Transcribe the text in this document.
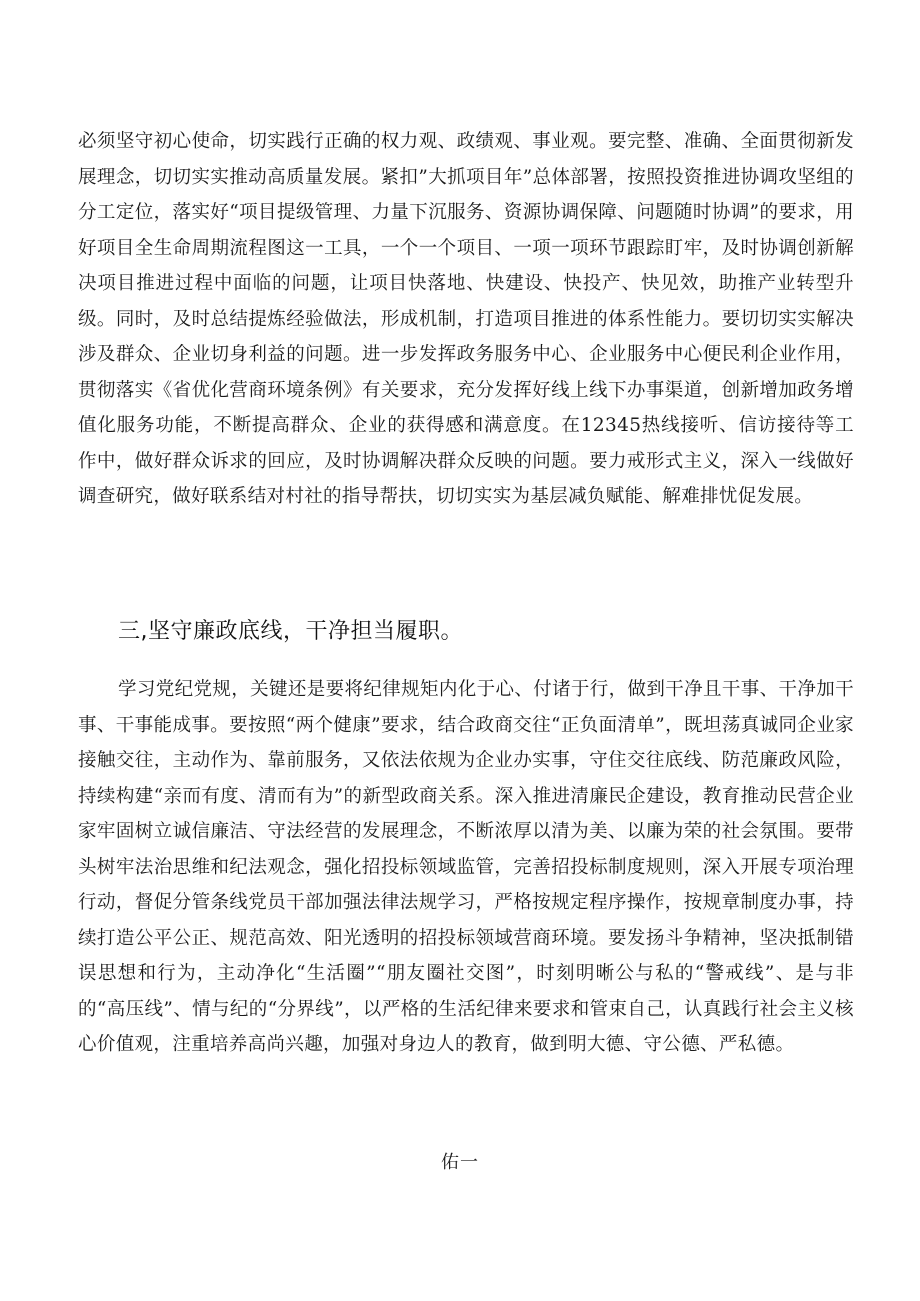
必须坚守初心使命，切实践行正确的权力观、政绩观、事业观。要完整、准确、全面贯彻新发展理念，切切实实推动高质量发展。紧扣”大抓项目年”总体部署，按照投资推进协调攻坚组的分工定位，落实好“项目提级管理、力量下沉服务、资源协调保障、问题随时协调”的要求，用好项目全生命周期流程图这一工具，一个一个项目、一项一项环节跟踪盯牢，及时协调创新解决项目推进过程中面临的问题，让项目快落地、快建设、快投产、快见效，助推产业转型升级。同时，及时总结提炼经验做法，形成机制，打造项目推进的体系性能力。要切切实实解决涉及群众、企业切身利益的问题。进一步发挥政务服务中心、企业服务中心便民利企业作用，贯彻落实《省优化营商环境条例》有关要求，充分发挥好线上线下办事渠道，创新增加政务增值化服务功能，不断提高群众、企业的获得感和满意度。在12345热线接听、信访接待等工作中，做好群众诉求的回应，及时协调解决群众反映的问题。要力戒形式主义，深入一线做好调查研究，做好联系结对村社的指导帮扶，切切实实为基层减负赋能、解难排忧促发展。

三,坚守廉政底线，干净担当履职。

学习党纪党规，关键还是要将纪律规矩内化于心、付诸于行，做到干净且干事、干净加干事、干事能成事。要按照“两个健康”要求，结合政商交往“正负面清单”，既坦荡真诚同企业家接触交往，主动作为、靠前服务，又依法依规为企业办实事，守住交往底线、防范廉政风险，持续构建“亲而有度、清而有为”的新型政商关系。深入推进清廉民企建设，教育推动民营企业家牢固树立诚信廉洁、守法经营的发展理念，不断浓厚以清为美、以廉为荣的社会氛围。要带头树牢法治思维和纪法观念，强化招投标领域监管，完善招投标制度规则，深入开展专项治理行动，督促分管条线党员干部加强法律法规学习，严格按规定程序操作，按规章制度办事，持续打造公平公正、规范高效、阳光透明的招投标领域营商环境。要发扬斗争精神，坚决抵制错误思想和行为，主动净化“生活圈”“朋友圈社交图”，时刻明晰公与私的“警戒线”、是与非的“高压线”、情与纪的“分界线”，以严格的生活纪律来要求和管束自己，认真践行社会主义核心价值观，注重培养高尚兴趣，加强对身边人的教育，做到明大德、守公德、严私德。

佑一
